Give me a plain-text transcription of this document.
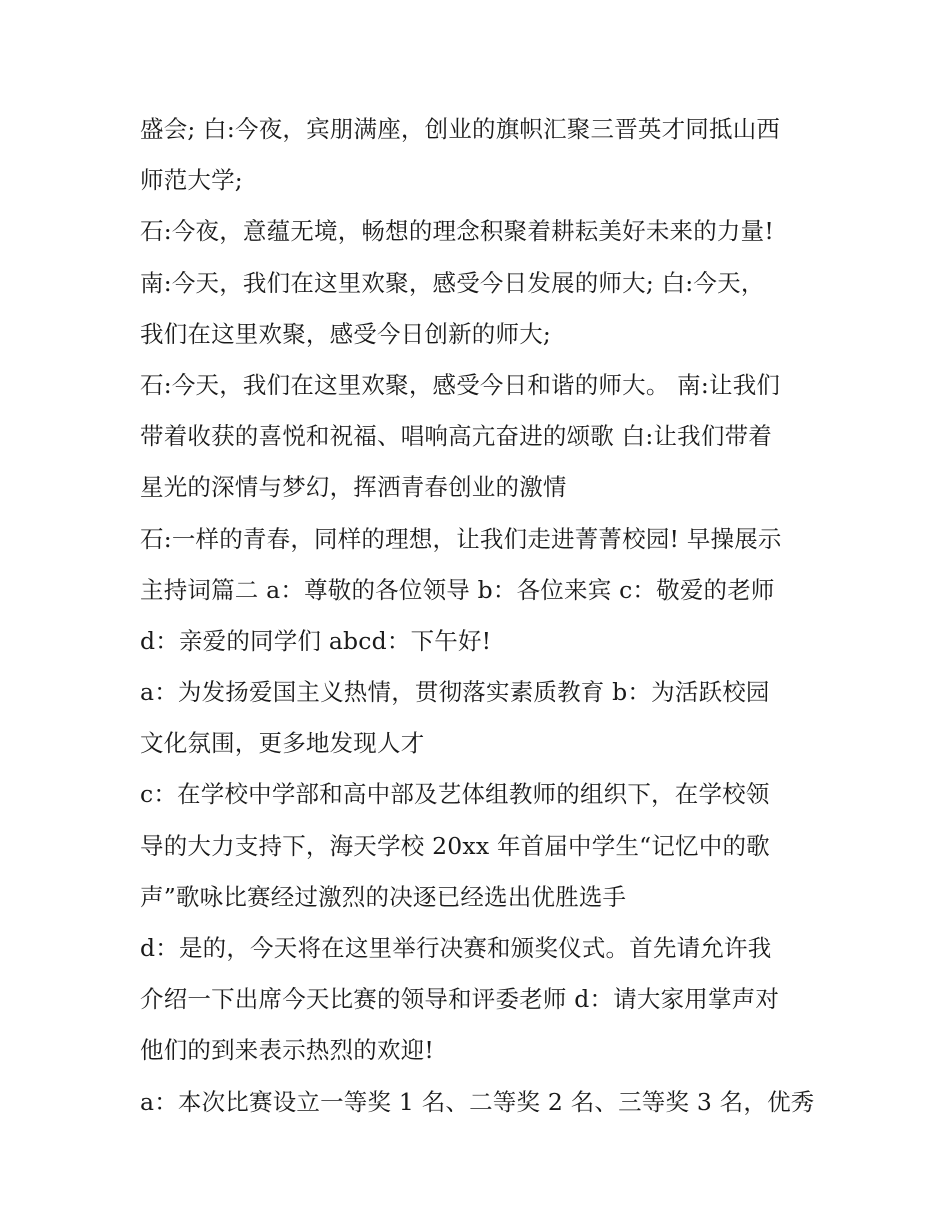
盛会; 白:今夜，宾朋满座，创业的旗帜汇聚三晋英才同抵山西
师范大学;
石:今夜，意蕴无境，畅想的理念积聚着耕耘美好未来的力量!
南:今天，我们在这里欢聚，感受今日发展的师大; 白:今天，
我们在这里欢聚，感受今日创新的师大;
石:今天，我们在这里欢聚，感受今日和谐的师大。 南:让我们
带着收获的喜悦和祝福、唱响高亢奋进的颂歌 白:让我们带着
星光的深情与梦幻，挥洒青春创业的激情
石:一样的青春，同样的理想，让我们走进菁菁校园! 早操展示
主持词篇二 a：尊敬的各位领导 b：各位来宾 c：敬爱的老师
d：亲爱的同学们 abcd：下午好!
a：为发扬爱国主义热情，贯彻落实素质教育 b：为活跃校园
文化氛围，更多地发现人才
c：在学校中学部和高中部及艺体组教师的组织下，在学校领
导的大力支持下，海天学校 20xx 年首届中学生“记忆中的歌
声”歌咏比赛经过激烈的决逐已经选出优胜选手
d：是的，今天将在这里举行决赛和颁奖仪式。首先请允许我
介绍一下出席今天比赛的领导和评委老师 d：请大家用掌声对
他们的到来表示热烈的欢迎!
a：本次比赛设立一等奖 1 名、二等奖 2 名、三等奖 3 名，优秀
